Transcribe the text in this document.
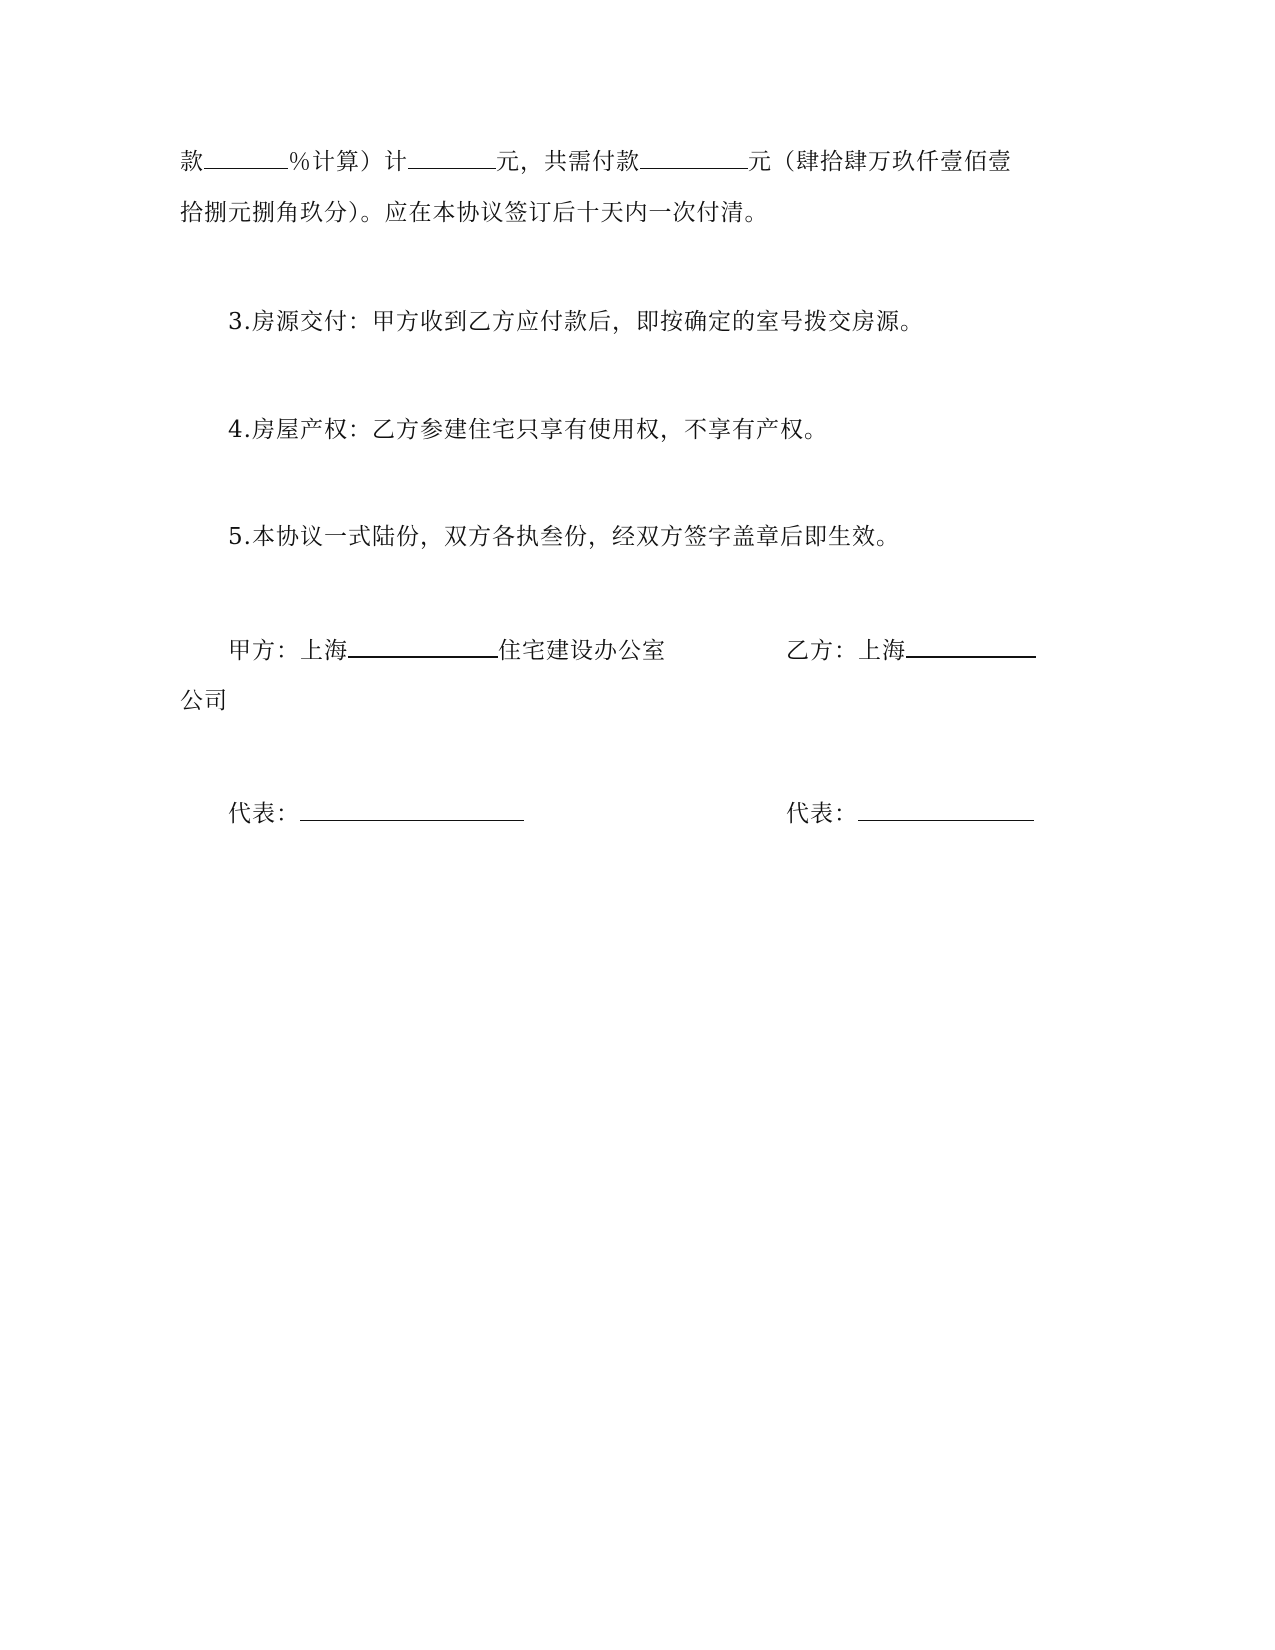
款	％计算）计	元，共需付款	元（肆拾肆万玖仟壹佰壹
拾捌元捌角玖分）。应在本协议签订后十天内一次付清。
3.房源交付：甲方收到乙方应付款后，即按确定的室号拨交房源。
4.房屋产权：乙方参建住宅只享有使用权，不享有产权。
5.本协议一式陆份，双方各执叁份，经双方签字盖章后即生效。
甲方：上海	住宅建设办公室	乙方：上海
公司
代表：	代表：
